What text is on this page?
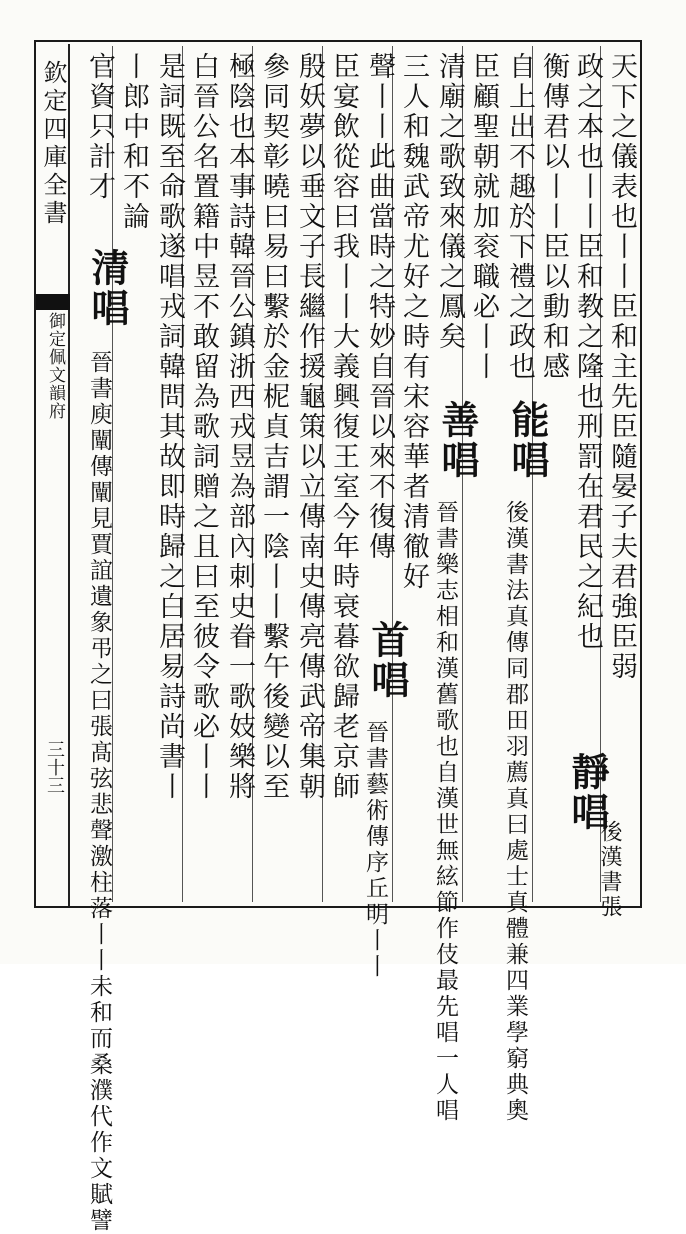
欽定四庫全書
御定佩文韻府
三十三
天下之儀表也丨丨臣和主先臣隨晏子夫君強臣弱
政之本也丨丨臣和教之隆也刑罰在君民之紀也
衡傳君以丨丨臣以動和感
自上出不趣於下禮之政也
臣顧聖朝就加衮職必丨丨
清廟之歌致來儀之鳳矣
三人和魏武帝尤好之時有宋容華者清徹好
聲丨丨此曲當時之特妙自晉以來不復傳
臣宴飲從容曰我丨丨大義興復王室今年時衰暮欲歸老京師
殷妖夢以垂文子長繼作援龜策以立傳南史傳亮傳武帝集朝
參同契彰曉曰易曰繫於金柅貞吉謂一陰丨丨繫午後變以至
極陰也本事詩韓晉公鎮浙西戎昱為部內刺史眷一歌妓樂將
白晉公名置籍中昱不敢留為歌詞贈之且曰至彼令歌必丨丨
是詞既至命歌遂唱戎詞韓問其故即時歸之白居易詩尚書丨
丨郎中和不論
官資只計才
靜唱
能唱
善唱
首唱
清唱
後漢書張
後漢書法真傳同郡田羽薦真曰處士真體兼四業學窮典奧
晉書樂志相和漢舊歌也自漢世無絃節作伎最先唱一人唱
晉書藝術傳序丘明丨丨
晉書庾闡傳闡見賈誼遺象弔之曰張髙弦悲聲激柱落丨丨未和而桑濮代作文賦譬
